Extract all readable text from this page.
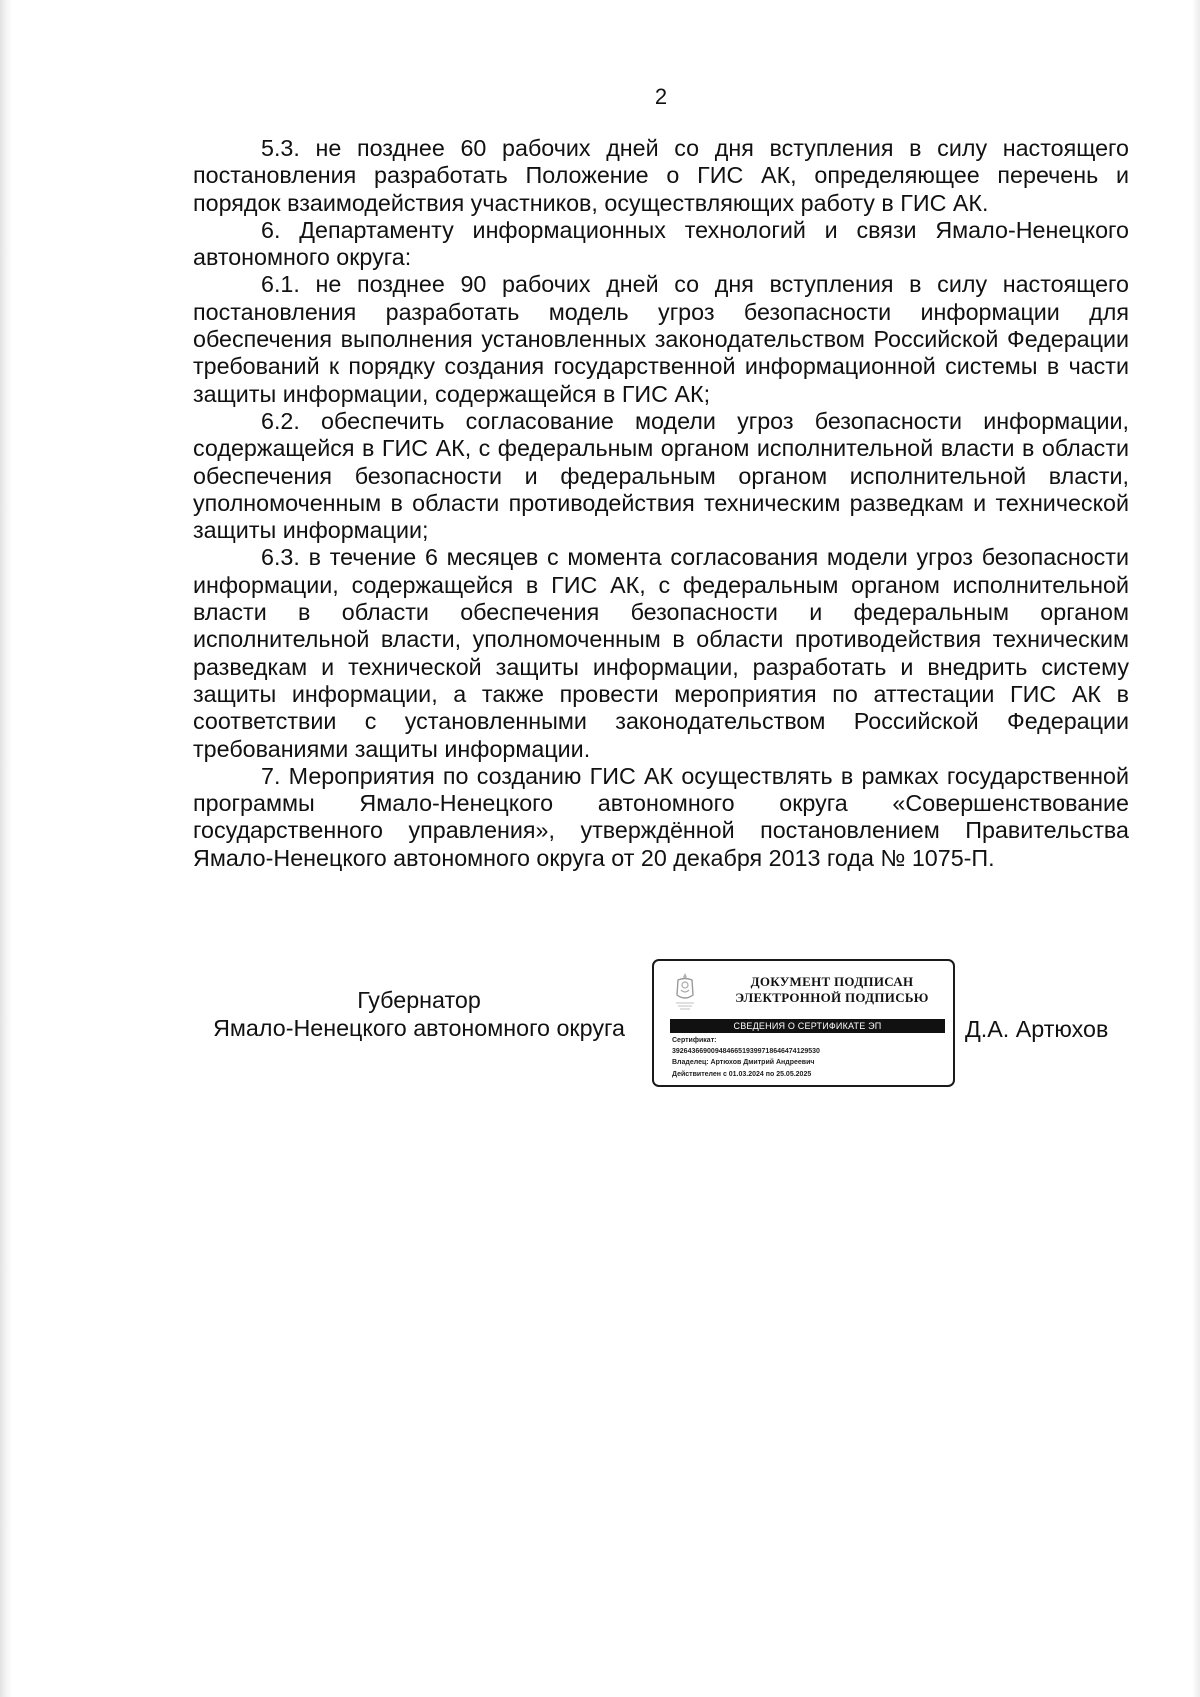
2

5.3. не позднее 60 рабочих дней со дня вступления в силу настоящего постановления разработать Положение о ГИС АК, определяющее перечень и порядок взаимодействия участников, осуществляющих работу в ГИС АК.

6. Департаменту информационных технологий и связи Ямало-Ненецкого автономного округа:

6.1. не позднее 90 рабочих дней со дня вступления в силу настоящего постановления разработать модель угроз безопасности информации для обеспечения выполнения установленных законодательством Российской Федерации требований к порядку создания государственной информационной системы в части защиты информации, содержащейся в ГИС АК;

6.2. обеспечить согласование модели угроз безопасности информации, содержащейся в ГИС АК, с федеральным органом исполнительной власти в области обеспечения безопасности и федеральным органом исполнительной власти, уполномоченным в области противодействия техническим разведкам и технической защиты информации;

6.3. в течение 6 месяцев с момента согласования модели угроз безопасности информации, содержащейся в ГИС АК, с федеральным органом исполнительной власти в области обеспечения безопасности и федеральным органом исполнительной власти, уполномоченным в области противодействия техническим разведкам и технической защиты информации, разработать и внедрить систему защиты информации, а также провести мероприятия по аттестации ГИС АК в соответствии с установленными законодательством Российской Федерации требованиями защиты информации.

7. Мероприятия по созданию ГИС АК осуществлять в рамках государственной программы Ямало-Ненецкого автономного округа «Совершенствование государственного управления», утверждённой постановлением Правительства Ямало-Ненецкого автономного округа от 20 декабря 2013 года № 1075-П.

Губернатор
Ямало-Ненецкого автономного округа
ДОКУМЕНТ ПОДПИСАН
ЭЛЕКТРОННОЙ ПОДПИСЬЮ
СВЕДЕНИЯ О СЕРТИФИКАТЕ ЭП
Сертификат:
39264366900948466519399718646474129530
Владелец: Артюхов Дмитрий Андреевич
Действителен с 01.03.2024 по 25.05.2025
Д.А. Артюхов
